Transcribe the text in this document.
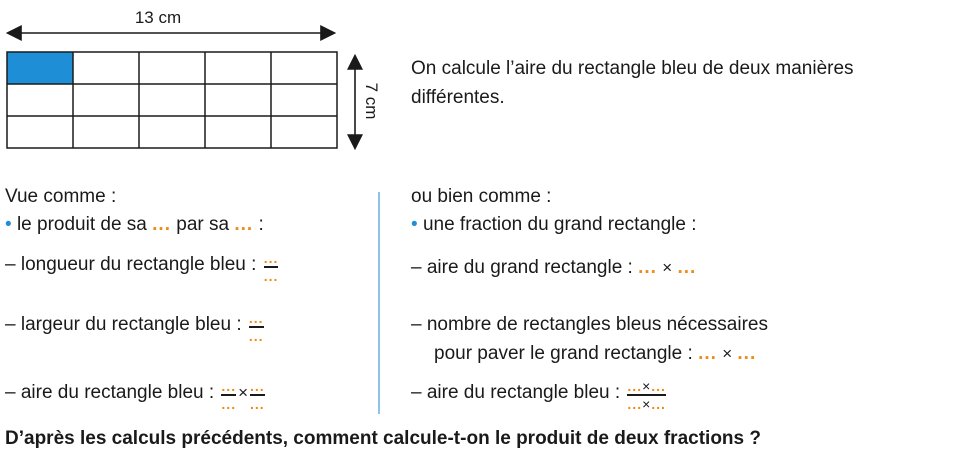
13 cm
7 cm
On calcule l’aire du rectangle bleu de deux manières
différentes.
Vue comme :
• le produit de sa ... par sa ... :
– longueur du rectangle bleu : $\frac{...}{...}$
– largeur du rectangle bleu : $\frac{...}{...}$
– aire du rectangle bleu : $\frac{...}{...} \times \frac{...}{...}$
ou bien comme :
• une fraction du grand rectangle :
– aire du grand rectangle : ... × ...
– nombre de rectangles bleus nécessaires
pour paver le grand rectangle : ... × ...
– aire du rectangle bleu : $\frac{...\times...}{...\times...}$
D’après les calculs précédents, comment calcule-t-on le produit de deux fractions ?
